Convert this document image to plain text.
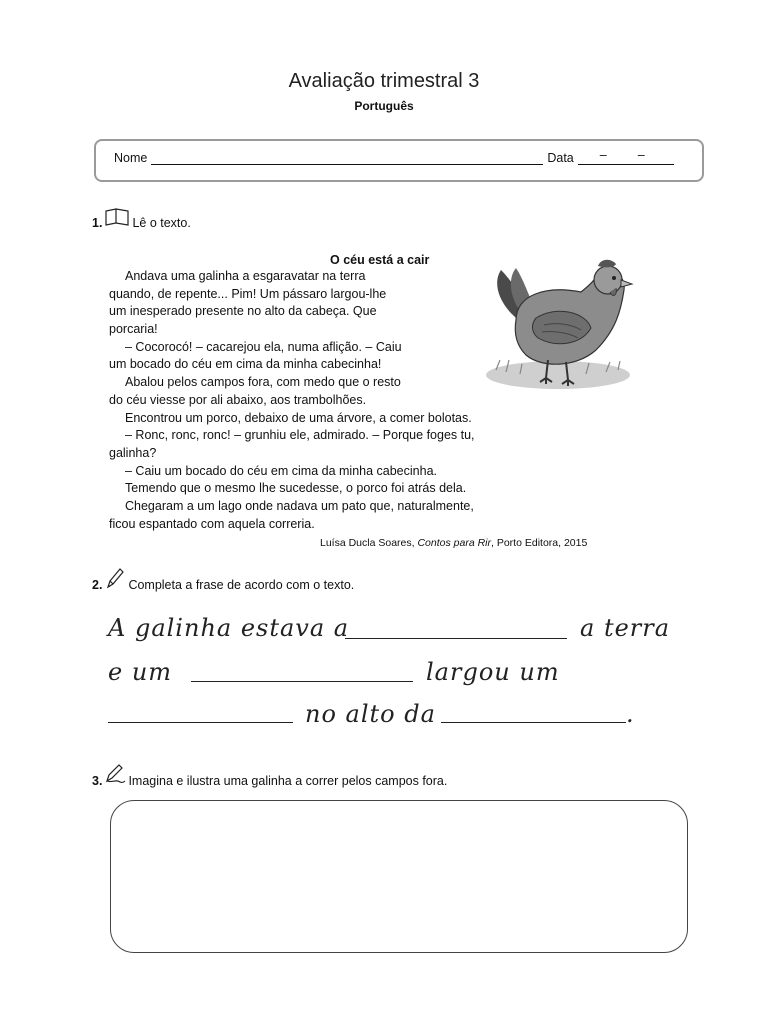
Avaliação trimestral 3
Português
Nome	Data – –
1. Lê o texto.
O céu está a cair
Andava uma galinha a esgaravatar na terra
quando, de repente... Pim! Um pássaro largou-lhe
um inesperado presente no alto da cabeça. Que
porcaria!
– Cocorocó! – cacarejou ela, numa aflição. – Caiu
um bocado do céu em cima da minha cabecinha!
Abalou pelos campos fora, com medo que o resto
do céu viesse por ali abaixo, aos trambolhões.
Encontrou um porco, debaixo de uma árvore, a comer bolotas.
– Ronc, ronc, ronc! – grunhiu ele, admirado. – Porque foges tu,
galinha?
– Caiu um bocado do céu em cima da minha cabecinha.
Temendo que o mesmo lhe sucedesse, o porco foi atrás dela.
Chegaram a um lago onde nadava um pato que, naturalmente,
ficou espantado com aquela correria.
Luísa Ducla Soares, Contos para Rir, Porto Editora, 2015
2. Completa a frase de acordo com o texto.
A galinha estava a	a terra
e um	largou um
no alto da	.
3. Imagina e ilustra uma galinha a correr pelos campos fora.
